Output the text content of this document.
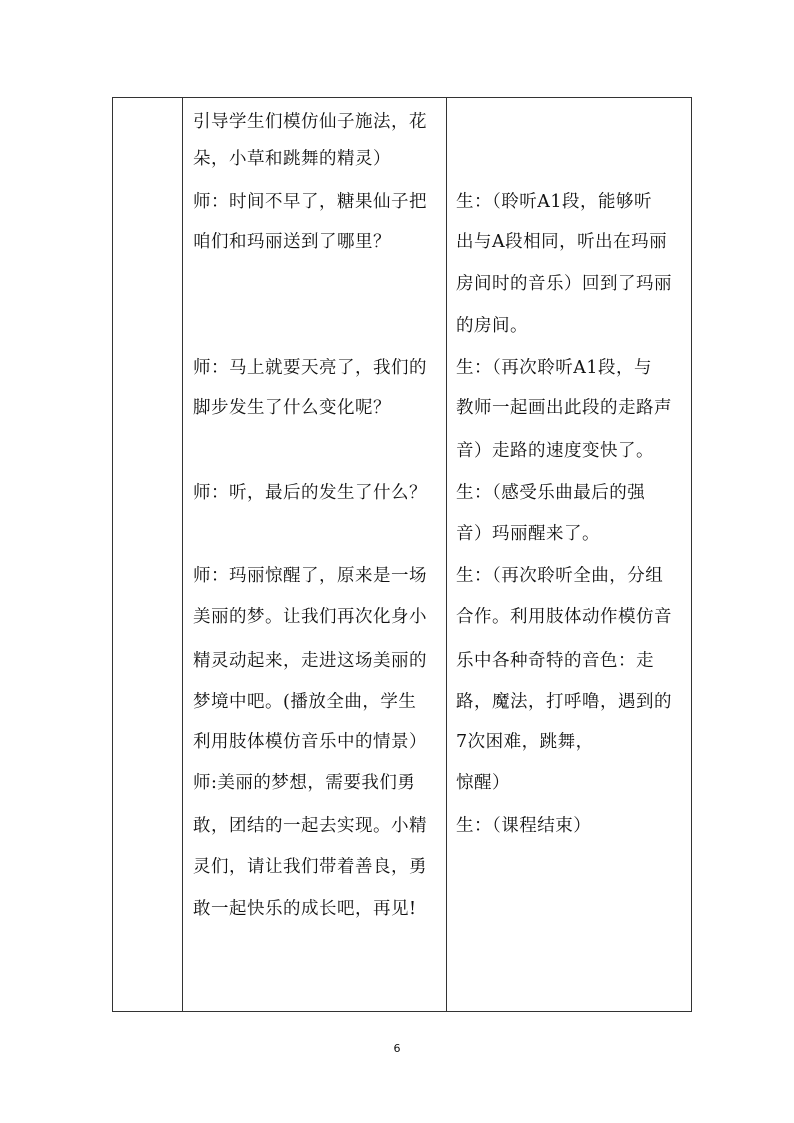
引导学生们模仿仙子施法，花
朵，小草和跳舞的精灵）
师：时间不早了，糖果仙子把
咱们和玛丽送到了哪里？
师：马上就要天亮了，我们的
脚步发生了什么变化呢？
师：听，最后的发生了什么？
师：玛丽惊醒了，原来是一场
美丽的梦。让我们再次化身小
精灵动起来，走进这场美丽的
梦境中吧。(播放全曲，学生
利用肢体模仿音乐中的情景）
师:美丽的梦想，需要我们勇
敢，团结的一起去实现。小精
灵们，请让我们带着善良，勇
敢一起快乐的成长吧，再见!
生：（聆听A1段，能够听
出与A段相同，听出在玛丽
房间时的音乐）回到了玛丽
的房间。
生：（再次聆听A1段，与
教师一起画出此段的走路声
音）走路的速度变快了。
生：（感受乐曲最后的强
音）玛丽醒来了。
生：（再次聆听全曲，分组
合作。利用肢体动作模仿音
乐中各种奇特的音色：走
路，魔法，打呼噜，遇到的
7次困难，跳舞，
惊醒）
生：（课程结束）
6
